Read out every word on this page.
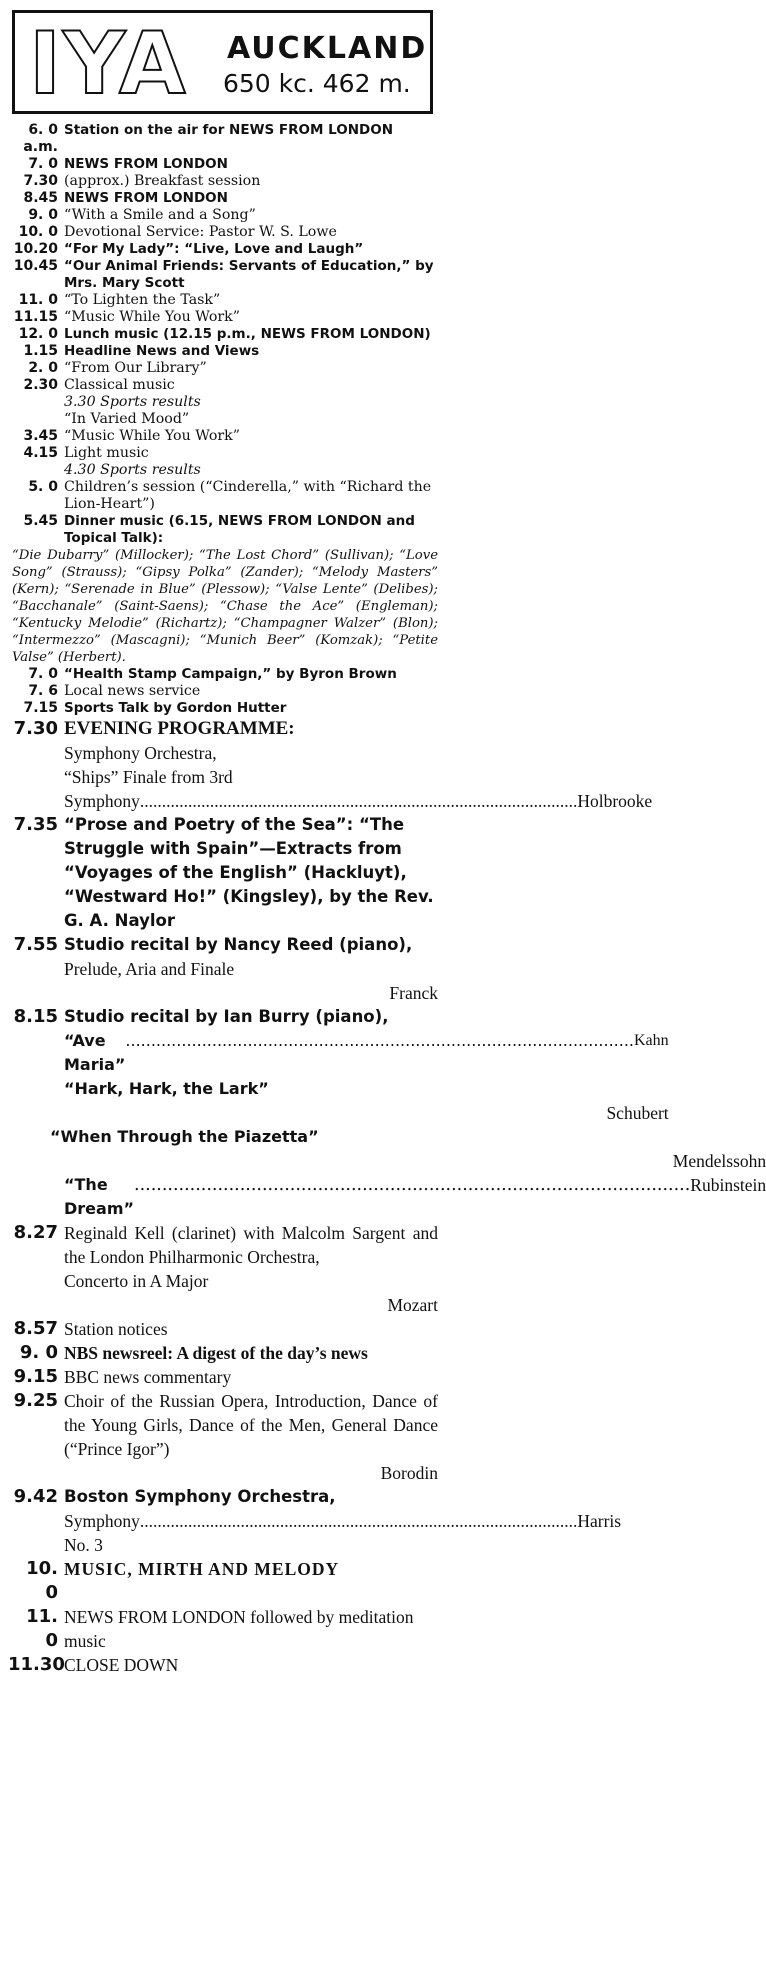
IYA AUCKLAND
650 kc. 462 m.
6. 0 a.m.
Station on the air for NEWS FROM LONDON
7. 0 NEWS FROM LONDON
7.30 (approx.) Breakfast session
8.45 NEWS FROM LONDON
9. 0 “With a Smile and a Song”
10. 0 Devotional Service: Pastor W. S. Lowe
10.20 “For My Lady”: “Live, Love and Laugh”
10.45 “Our Animal Friends: Servants of Education,” by Mrs. Mary Scott
11. 0 “To Lighten the Task”
11.15 “Music While You Work”
12. 0 Lunch music (12.15 p.m., NEWS FROM LONDON)
1.15 Headline News and Views
2. 0 “From Our Library”
2.30 Classical music
3.30 Sports results
“In Varied Mood”
3.45 “Music While You Work”
4.15 Light music
4.30 Sports results
5. 0 Children’s session (“Cinderella,” with “Richard the Lion-Heart”)
5.45 Dinner music (6.15, NEWS FROM LONDON and Topical Talk):
“Die Dubarry” (Millocker); “The Lost Chord” (Sullivan); “Love Song” (Strauss); “Gipsy Polka” (Zander); “Melody Masters” (Kern); “Serenade in Blue” (Plessow); “Valse Lente” (Delibes); “Bacchanale” (Saint-Saens); “Chase the Ace” (Engleman); “Kentucky Melodie” (Richartz); “Champagner Walzer” (Blon); “Intermezzo” (Mascagni); “Munich Beer” (Komzak); “Petite Valse” (Herbert).
7. 0 “Health Stamp Campaign,” by Byron Brown
7. 6 Local news service
7.15 Sports Talk by Gordon Hutter
7.30 EVENING PROGRAMME:
Symphony Orchestra,
“Ships” Finale from 3rd
Symphony
.....	Holbrooke
7.35 “Prose and Poetry of the Sea”: “The Struggle with Spain”—Extracts from “Voyages of the English” (Hackluyt), “Westward Ho!” (Kingsley), by the Rev. G. A. Naylor
7.55 Studio recital by Nancy Reed (piano),
Prelude, Aria and Finale
Franck
8.15 Studio recital by Ian Burry (piano),
“Ave Maria”
.....
Kahn
“Hark, Hark, the Lark”
Schubert
“When Through the Piazetta”
Mendelssohn
“The Dream”
.....
Rubinstein
8.27 Reginald Kell (clarinet) with Malcolm Sargent and the London Philharmonic Orchestra,
Concerto in A Major
Mozart
8.57 Station notices
9. 0 NBS newsreel: A digest of the day’s news
9.15 BBC news commentary
9.25 Choir of the Russian Opera, Introduction, Dance of the Young Girls, Dance of the Men, General Dance (“Prince Igor”)
Borodin
9.42 Boston Symphony Orchestra,
Symphony No. 3
.....
Harris
10. 0
MUSIC, MIRTH AND MELODY
11. 0
NEWS FROM LONDON followed by meditation music
11.30 CLOSE DOWN
